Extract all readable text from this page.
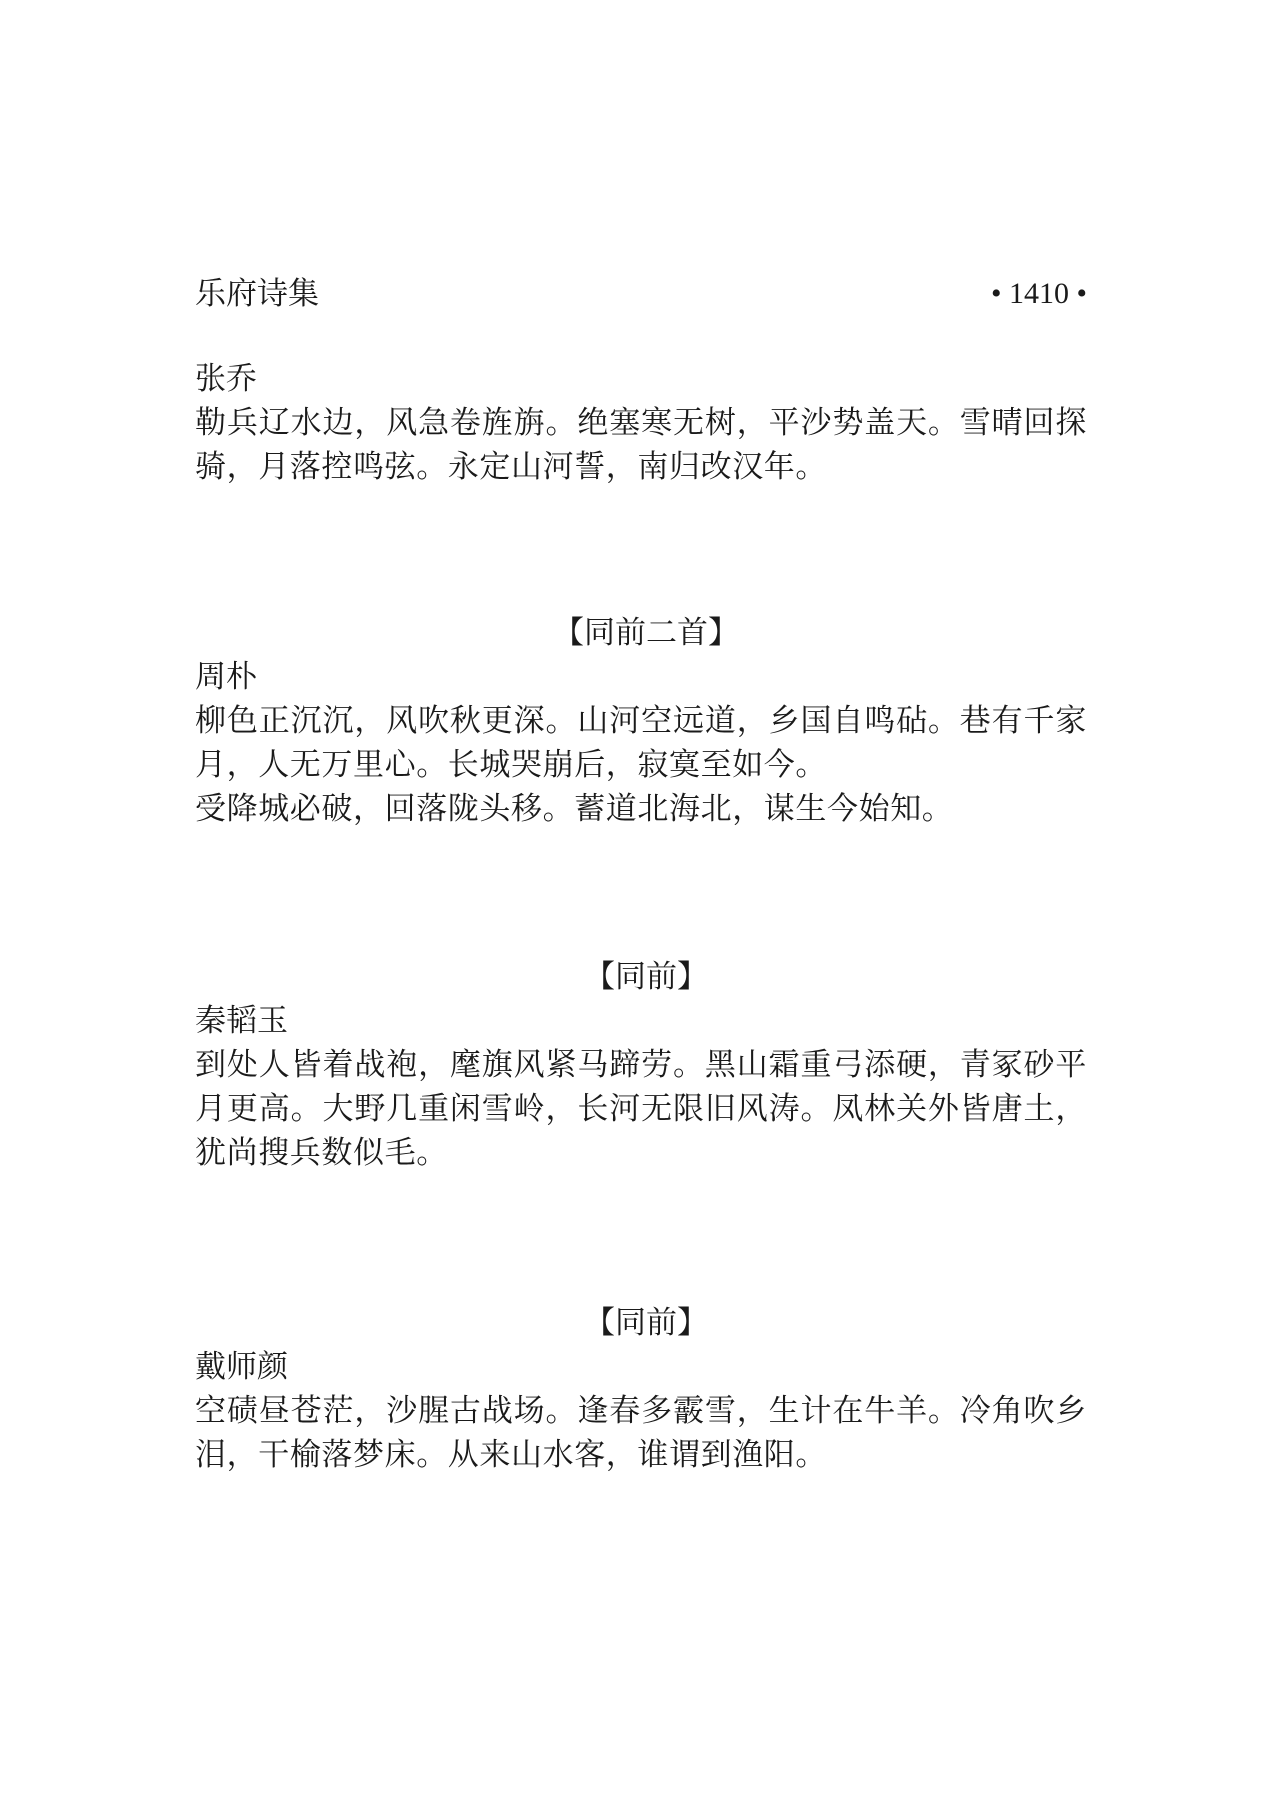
乐府诗集	• 1410 •

张乔

勒兵辽水边，风急卷旌旃。绝塞寒无树，平沙势盖天。雪晴回探骑，月落控鸣弦。永定山河誓，南归改汉年。

【同前二首】

周朴

柳色正沉沉，风吹秋更深。山河空远道，乡国自鸣砧。巷有千家月，人无万里心。长城哭崩后，寂寞至如今。

受降城必破，回落陇头移。蓄道北海北，谋生今始知。

【同前】

秦韬玉

到处人皆着战袍，麾旗风紧马蹄劳。黑山霜重弓添硬，青冢砂平月更高。大野几重闲雪岭，长河无限旧风涛。凤林关外皆唐土，犹尚搜兵数似毛。

【同前】

戴师颜

空碛昼苍茫，沙腥古战场。逢春多霰雪，生计在牛羊。冷角吹乡泪，干榆落梦床。从来山水客，谁谓到渔阳。
